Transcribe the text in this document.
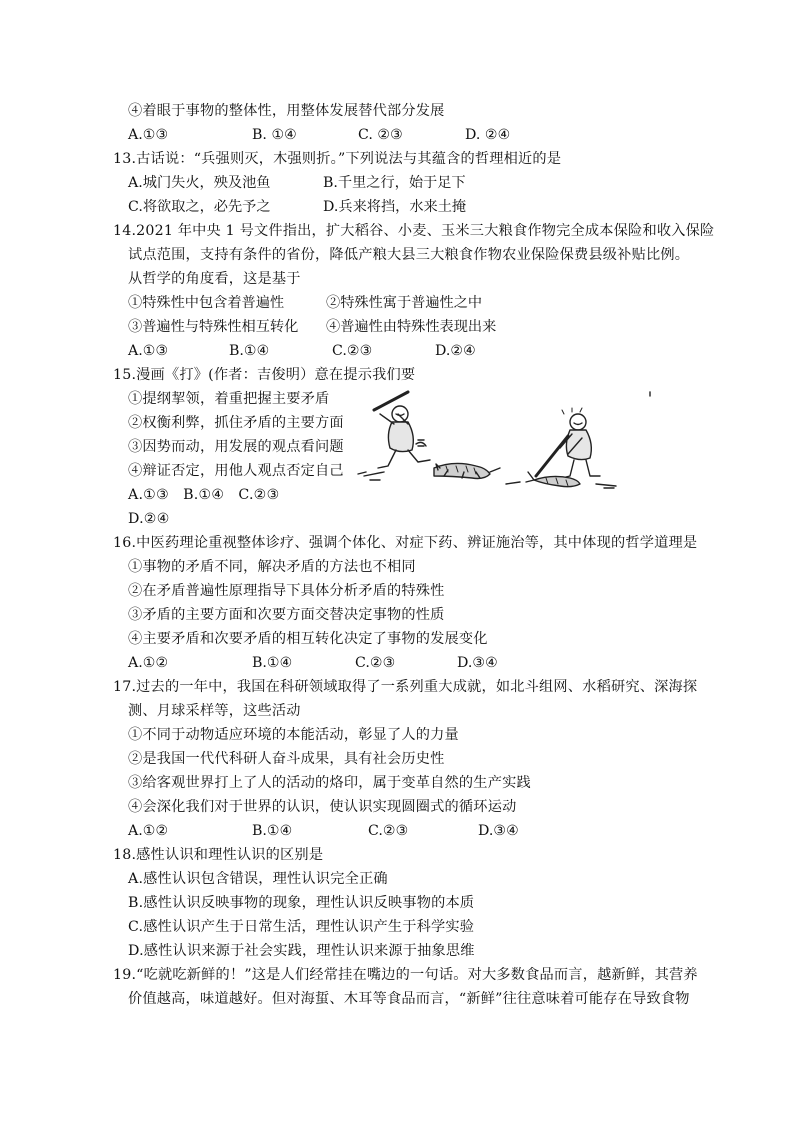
④着眼于事物的整体性，用整体发展替代部分发展
A.①③	B. ①④	C. ②③	D. ②④
13.古话说：“兵强则灭，木强则折。”下列说法与其蕴含的哲理相近的是
A.城门失火，殃及池鱼	B.千里之行，始于足下
C.将欲取之，必先予之	D.兵来将挡，水来土掩
14.2021 年中央 1 号文件指出，扩大稻谷、小麦、玉米三大粮食作物完全成本保险和收入保险
试点范围，支持有条件的省份，降低产粮大县三大粮食作物农业保险保费县级补贴比例。
从哲学的角度看，这是基于
①特殊性中包含着普遍性	②特殊性寓于普遍性之中
③普遍性与特殊性相互转化 ④普遍性由特殊性表现出来
A.①③	B.①④	C.②③	D.②④
15.漫画《打》(作者：吉俊明）意在提示我们要
①提纲挈领，着重把握主要矛盾
②权衡利弊，抓住矛盾的主要方面
③因势而动，用发展的观点看问题
④辩证否定，用他人观点否定自己
A.①③   B.①④   C.②③
D.②④
16.中医药理论重视整体诊疗、强调个体化、对症下药、辨证施治等，其中体现的哲学道理是
①事物的矛盾不同，解决矛盾的方法也不相同
②在矛盾普遍性原理指导下具体分析矛盾的特殊性
③矛盾的主要方面和次要方面交替决定事物的性质
④主要矛盾和次要矛盾的相互转化决定了事物的发展变化
A.①②	B.①④	C.②③	D.③④
17.过去的一年中，我国在科研领域取得了一系列重大成就，如北斗组网、水稻研究、深海探
测、月球采样等，这些活动
①不同于动物适应环境的本能活动，彰显了人的力量
②是我国一代代科研人奋斗成果，具有社会历史性
③给客观世界打上了人的活动的烙印，属于变革自然的生产实践
④会深化我们对于世界的认识，使认识实现圆圈式的循环运动
A.①②	B.①④	C.②③	D.③④
18.感性认识和理性认识的区别是
A.感性认识包含错误，理性认识完全正确
B.感性认识反映事物的现象，理性认识反映事物的本质
C.感性认识产生于日常生活，理性认识产生于科学实验
D.感性认识来源于社会实践，理性认识来源于抽象思维
19.“吃就吃新鲜的！”这是人们经常挂在嘴边的一句话。对大多数食品而言，越新鲜，其营养
价值越高，味道越好。但对海蜇、木耳等食品而言，“新鲜”往往意味着可能存在导致食物
